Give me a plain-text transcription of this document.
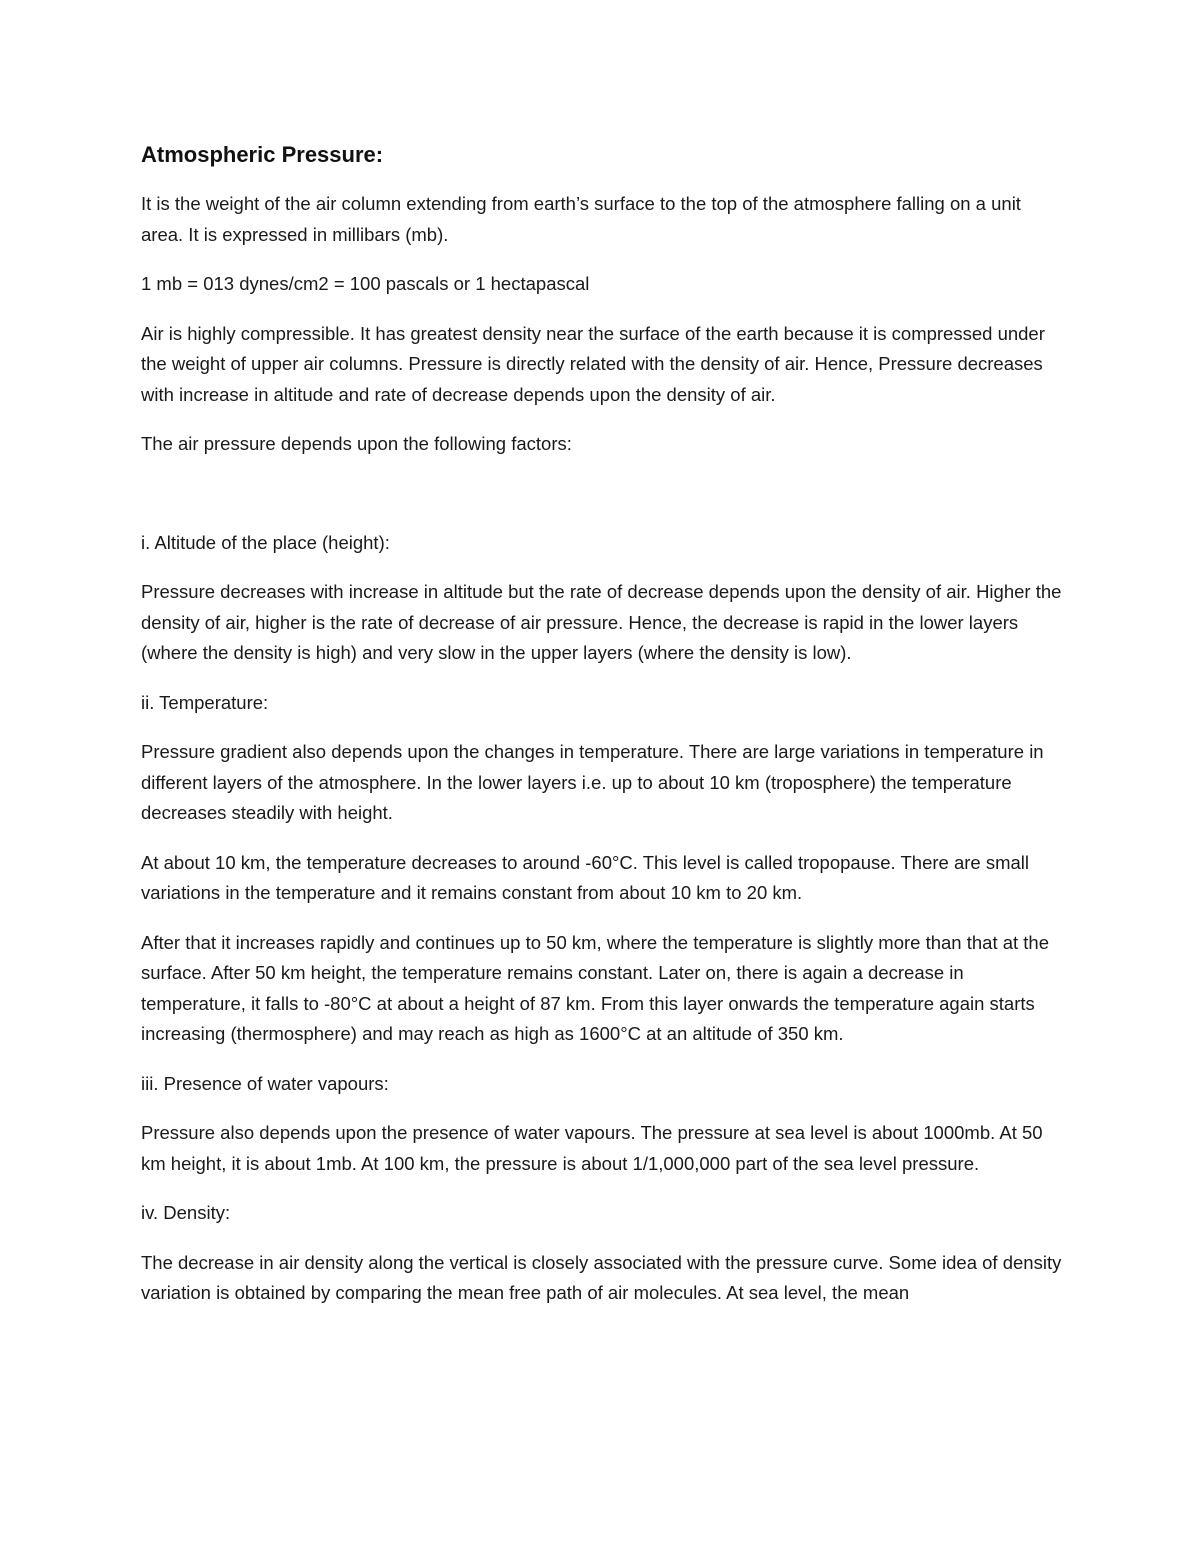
Atmospheric Pressure:

It is the weight of the air column extending from earth’s surface to the top of the atmosphere falling on a unit area. It is expressed in millibars (mb).

1 mb = 013 dynes/cm2 = 100 pascals or 1 hectapascal

Air is highly compressible. It has greatest density near the surface of the earth because it is compressed under the weight of upper air columns. Pressure is directly related with the density of air. Hence, Pressure decreases with increase in altitude and rate of decrease depends upon the density of air.

The air pressure depends upon the following factors:

i. Altitude of the place (height):

Pressure decreases with increase in altitude but the rate of decrease depends upon the density of air. Higher the density of air, higher is the rate of decrease of air pressure. Hence, the decrease is rapid in the lower layers (where the density is high) and very slow in the upper layers (where the density is low).

ii. Temperature:

Pressure gradient also depends upon the changes in temperature. There are large variations in temperature in different layers of the atmosphere. In the lower layers i.e. up to about 10 km (troposphere) the temperature decreases steadily with height.

At about 10 km, the temperature decreases to around -60°C. This level is called tropopause. There are small variations in the temperature and it remains constant from about 10 km to 20 km.

After that it increases rapidly and continues up to 50 km, where the temperature is slightly more than that at the surface. After 50 km height, the temperature remains constant. Later on, there is again a decrease in temperature, it falls to -80°C at about a height of 87 km. From this layer onwards the temperature again starts increasing (thermosphere) and may reach as high as 1600°C at an altitude of 350 km.

iii. Presence of water vapours:

Pressure also depends upon the presence of water vapours. The pressure at sea level is about 1000mb. At 50 km height, it is about 1mb. At 100 km, the pressure is about 1/1,000,000 part of the sea level pressure.

iv. Density:

The decrease in air density along the vertical is closely associated with the pressure curve. Some idea of density variation is obtained by comparing the mean free path of air molecules. At sea level, the mean
